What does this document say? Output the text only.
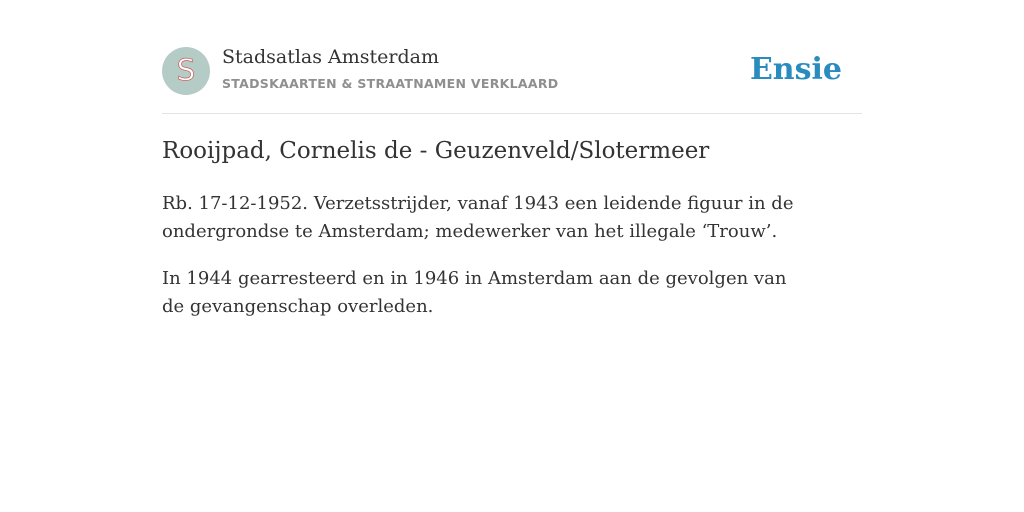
S Stadsatlas Amsterdam
STADSKAARTEN & STRAATNAMEN VERKLAARD	Ensie
Rooijpad, Cornelis de - Geuzenveld/Slotermeer

Rb. 17-12-1952. Verzetsstrijder, vanaf 1943 een leidende figuur in de ondergrondse te Amsterdam; medewerker van het illegale ‘Trouw’.

In 1944 gearresteerd en in 1946 in Amsterdam aan de gevolgen van de gevangenschap overleden.
